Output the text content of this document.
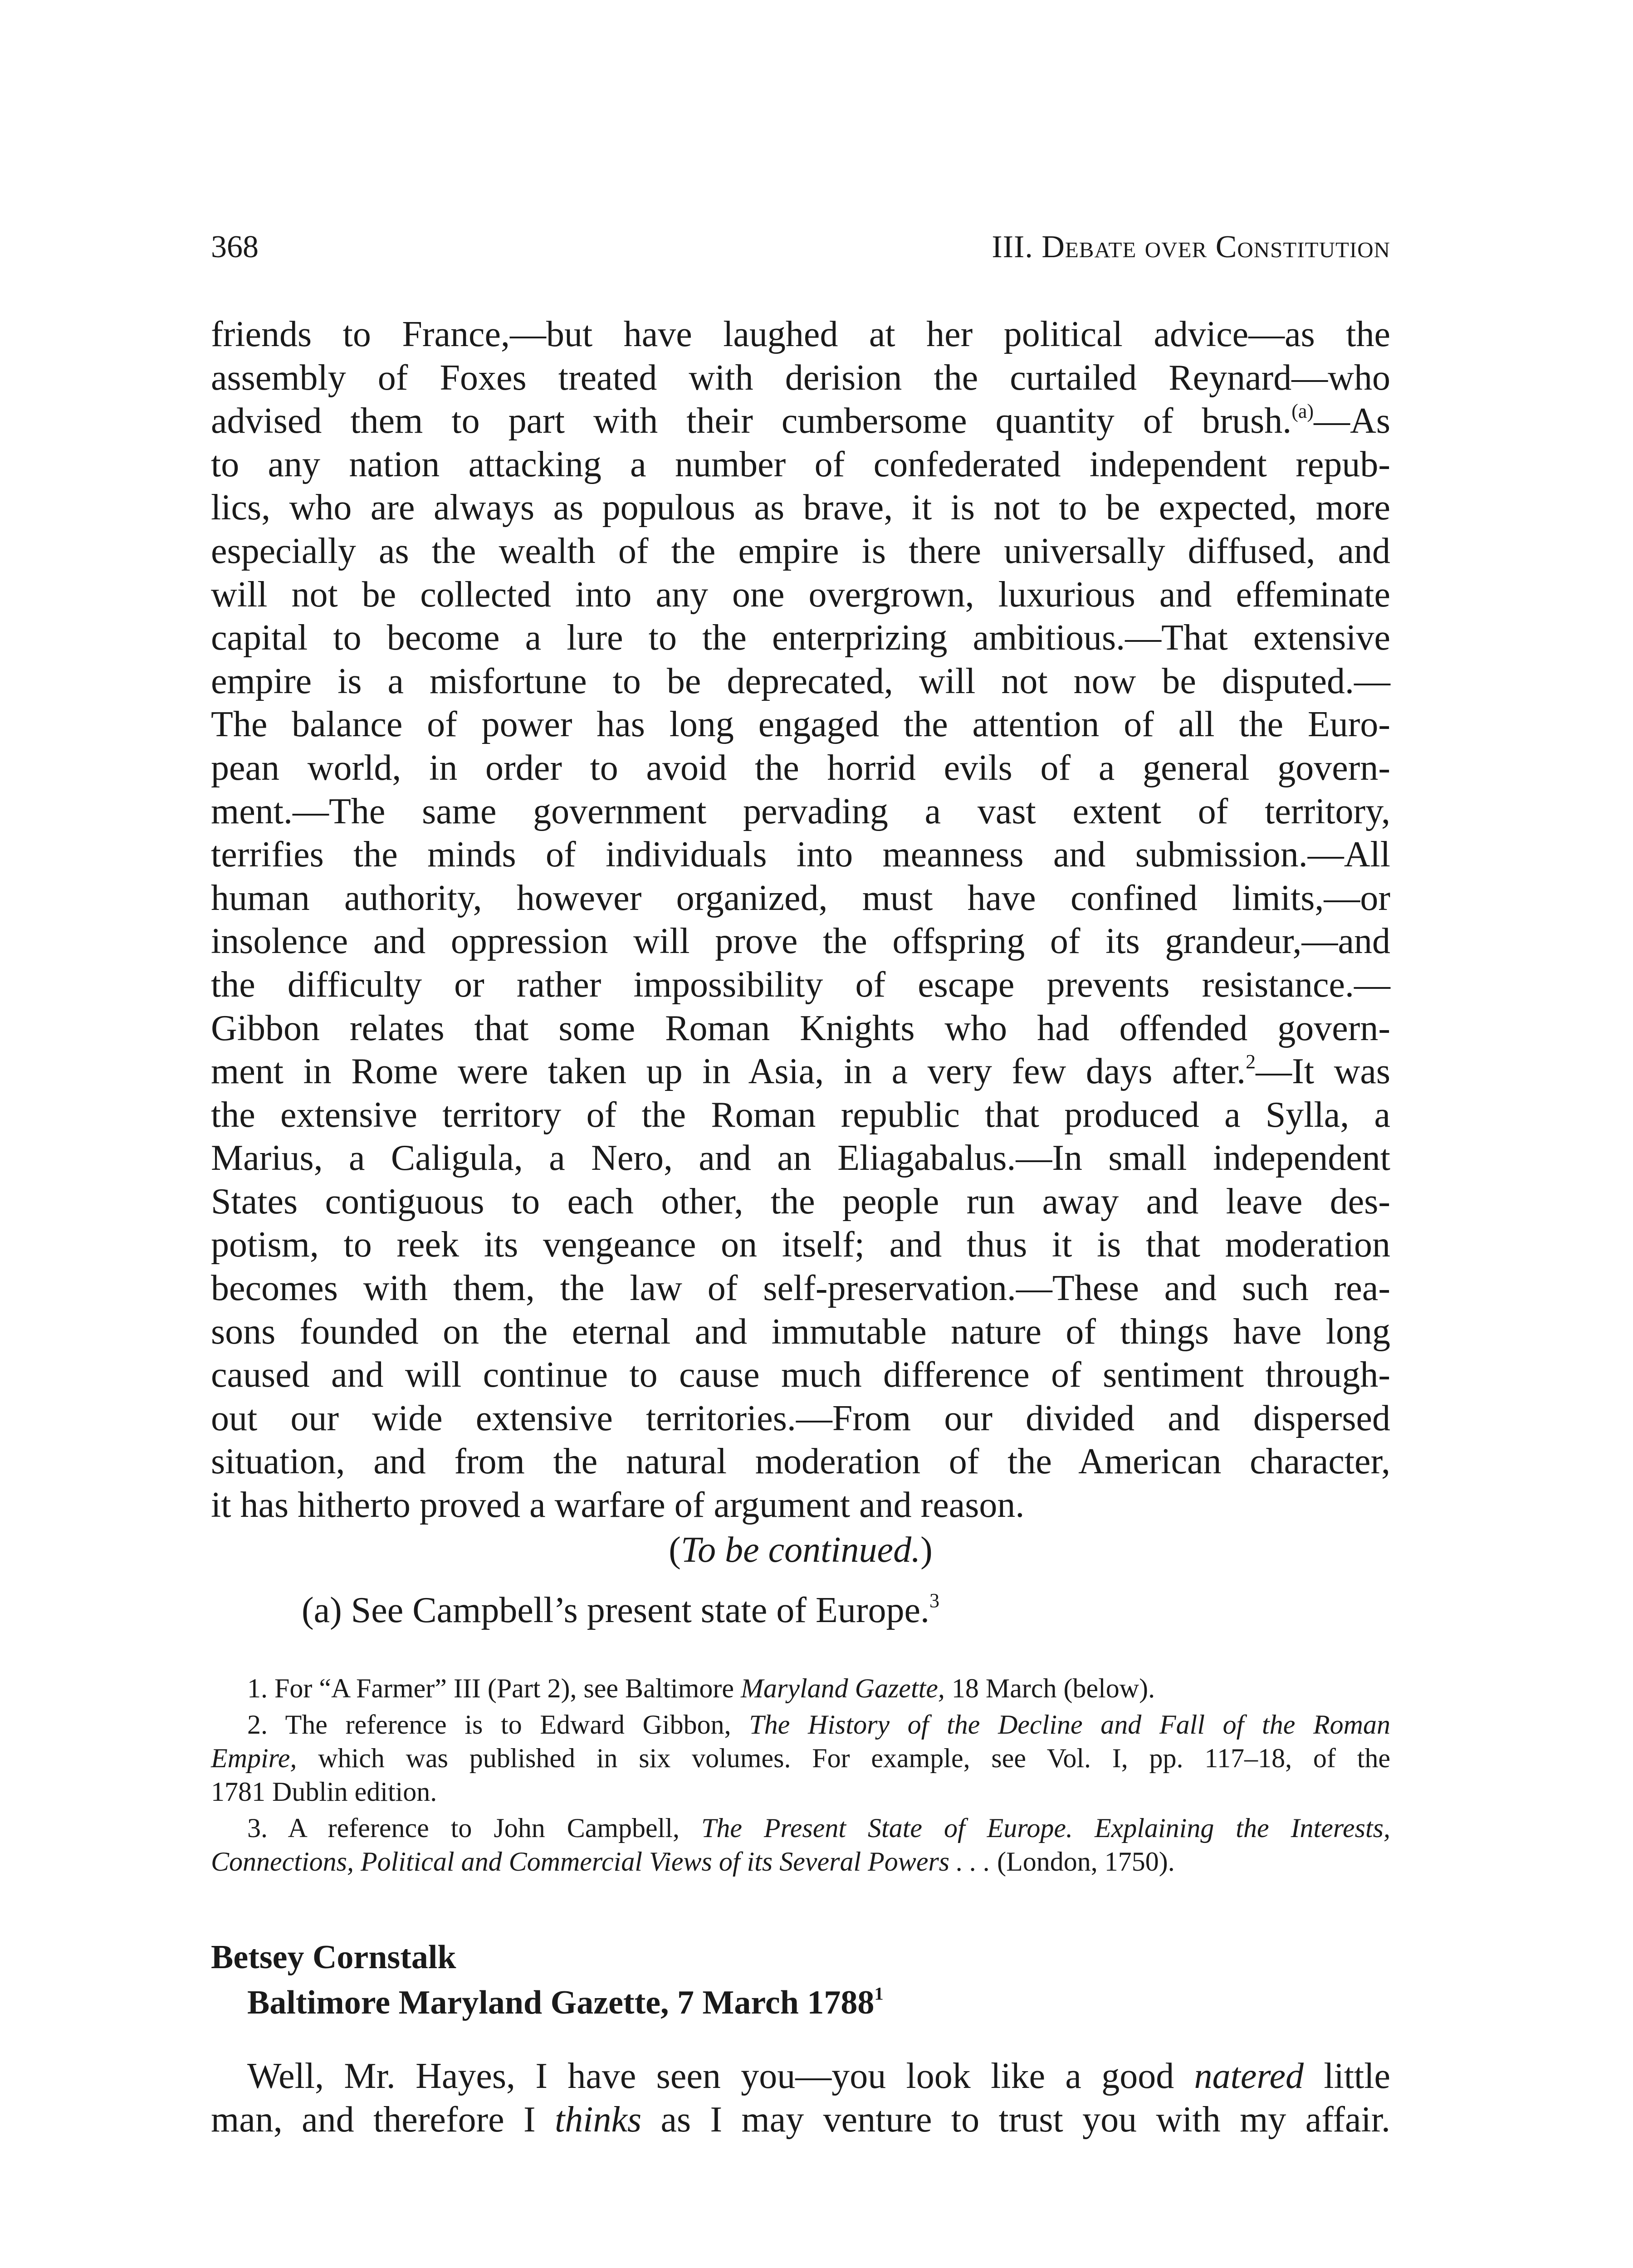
368	III. Debate over Constitution
friends to France,—but have laughed at her political advice—as the
assembly of Foxes treated with derision the curtailed Reynard—who
advised them to part with their cumbersome quantity of brush.$^{(a)}$—As
to any nation attacking a number of confederated independent repub-
lics, who are always as populous as brave, it is not to be expected, more
especially as the wealth of the empire is there universally diffused, and
will not be collected into any one overgrown, luxurious and effeminate
capital to become a lure to the enterprizing ambitious.—That extensive
empire is a misfortune to be deprecated, will not now be disputed.—
The balance of power has long engaged the attention of all the Euro-
pean world, in order to avoid the horrid evils of a general govern-
ment.—The same government pervading a vast extent of territory,
terrifies the minds of individuals into meanness and submission.—All
human authority, however organized, must have confined limits,—or
insolence and oppression will prove the offspring of its grandeur,—and
the difficulty or rather impossibility of escape prevents resistance.—
Gibbon relates that some Roman Knights who had offended govern-
ment in Rome were taken up in Asia, in a very few days after.$^2$—It was
the extensive territory of the Roman republic that produced a Sylla, a
Marius, a Caligula, a Nero, and an Eliagabalus.—In small independent
States contiguous to each other, the people run away and leave des-
potism, to reek its vengeance on itself; and thus it is that moderation
becomes with them, the law of self-preservation.—These and such rea-
sons founded on the eternal and immutable nature of things have long
caused and will continue to cause much difference of sentiment through-
out our wide extensive territories.—From our divided and dispersed
situation, and from the natural moderation of the American character,
it has hitherto proved a warfare of argument and reason.
(To be continued.)
(a) See Campbell’s present state of Europe.$^3$
1. For “A Farmer” III (Part 2), see Baltimore Maryland Gazette, 18 March (below).
2. The reference is to Edward Gibbon, The History of the Decline and Fall of the Roman
Empire, which was published in six volumes. For example, see Vol. I, pp. 117–18, of the
1781 Dublin edition.
3. A reference to John Campbell, The Present State of Europe. Explaining the Interests,
Connections, Political and Commercial Views of its Several Powers . . . (London, 1750).
Betsey Cornstalk
Baltimore Maryland Gazette, 7 March 1788$^1$
Well, Mr. Hayes, I have seen you—you look like a good natered little
man, and therefore I thinks as I may venture to trust you with my affair.
